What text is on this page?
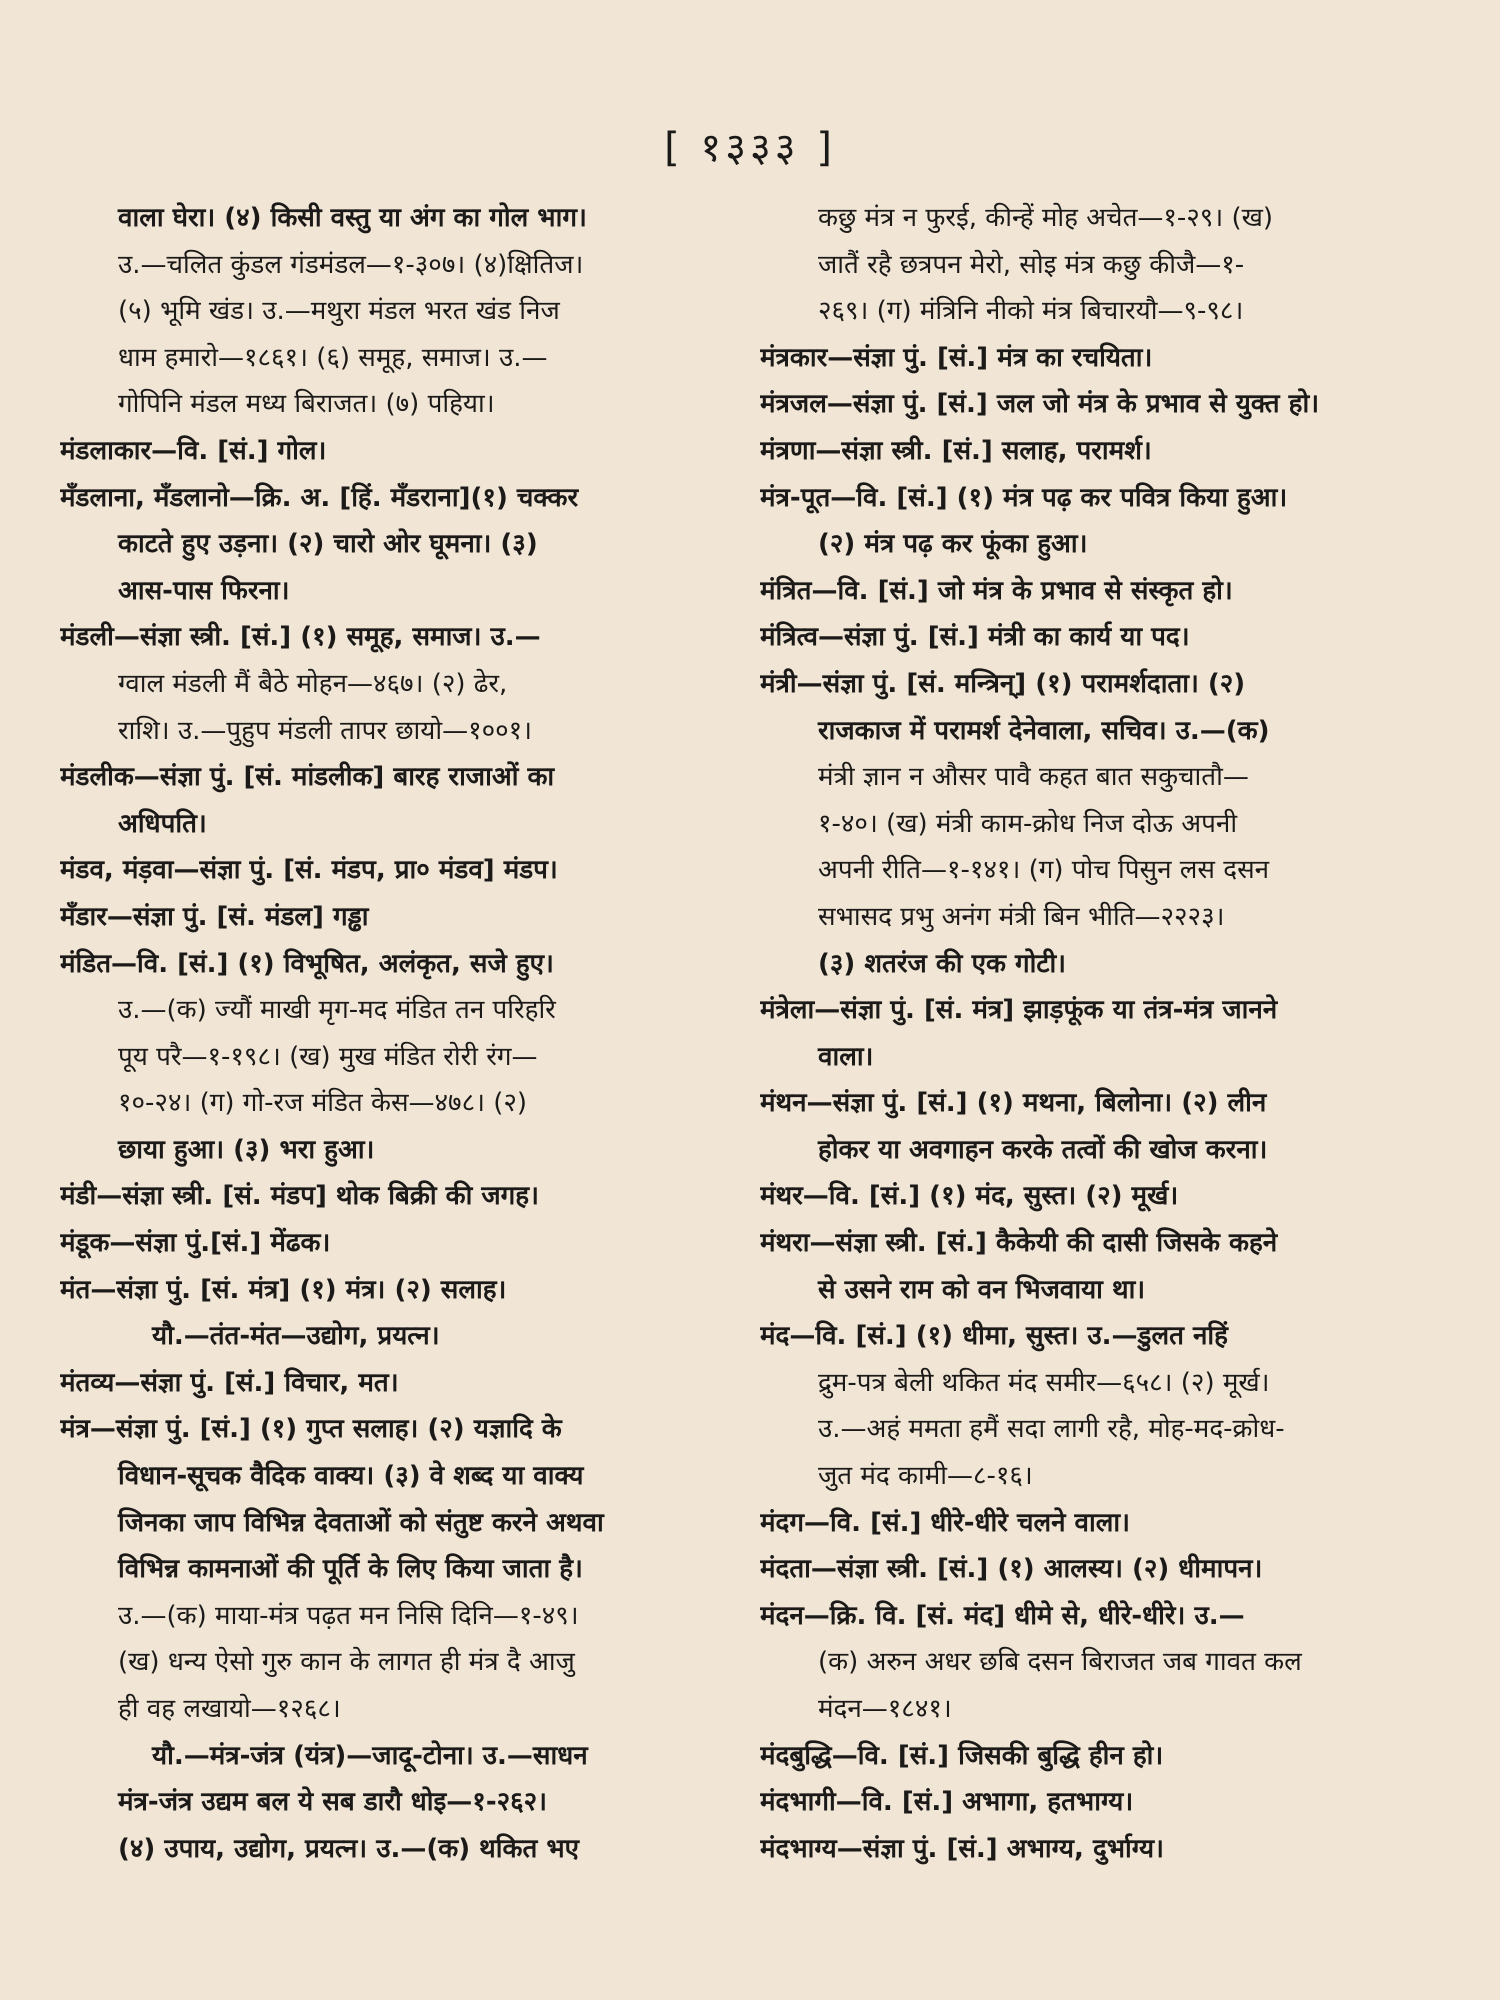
[ १३३३ ]
वाला घेरा। (४) किसी वस्तु या अंग का गोल भाग।
उ.—चलित कुंडल गंडमंडल—१-३०७। (४)क्षितिज।
(५) भूमि खंड। उ.—मथुरा मंडल भरत खंड निज
धाम हमारो—१८६१। (६) समूह, समाज। उ.—
गोपिनि मंडल मध्य बिराजत। (७) पहिया।
मंडलाकार—वि. [सं.] गोल।
मँडलाना, मँडलानो—क्रि. अ. [हिं. मँडराना](१) चक्कर
काटते हुए उड़ना। (२) चारो ओर घूमना। (३)
आस-पास फिरना।
मंडली—संज्ञा स्त्री. [सं.] (१) समूह, समाज। उ.—
ग्वाल मंडली मैं बैठे मोहन—४६७। (२) ढेर,
राशि। उ.—पुहुप मंडली तापर छायो—१००१।
मंडलीक—संज्ञा पुं. [सं. मांडलीक] बारह राजाओं का
अधिपति।
मंडव, मंड़वा—संज्ञा पुं. [सं. मंडप, प्रा० मंडव] मंडप।
मँडार—संज्ञा पुं. [सं. मंडल] गड्ढा
मंडित—वि. [सं.] (१) विभूषित, अलंकृत, सजे हुए।
उ.—(क) ज्यौं माखी मृग-मद मंडित तन परिहरि
पूय परै—१-१९८। (ख) मुख मंडित रोरी रंग—
१०-२४। (ग) गो-रज मंडित केस—४७८। (२)
छाया हुआ। (३) भरा हुआ।
मंडी—संज्ञा स्त्री. [सं. मंडप] थोक बिक्री की जगह।
मंडूक—संज्ञा पुं.[सं.] मेंढक।
मंत—संज्ञा पुं. [सं. मंत्र] (१) मंत्र। (२) सलाह।
यौ.—तंत-मंत—उद्योग, प्रयत्न।
मंतव्य—संज्ञा पुं. [सं.] विचार, मत।
मंत्र—संज्ञा पुं. [सं.] (१) गुप्त सलाह। (२) यज्ञादि के
विधान-सूचक वैदिक वाक्य। (३) वे शब्द या वाक्य
जिनका जाप विभिन्न देवताओं को संतुष्ट करने अथवा
विभिन्न कामनाओं की पूर्ति के लिए किया जाता है।
उ.—(क) माया-मंत्र पढ़त मन निसि दिनि—१-४९।
(ख) धन्य ऐसो गुरु कान के लागत ही मंत्र दै आजु
ही वह लखायो—१२६८।
यौ.—मंत्र-जंत्र (यंत्र)—जादू-टोना। उ.—साधन
मंत्र-जंत्र उद्यम बल ये सब डारौ धोइ—१-२६२।
(४) उपाय, उद्योग, प्रयत्न। उ.—(क) थकित भए
कछु मंत्र न फुरई, कीन्हें मोह अचेत—१-२९। (ख)
जातैं रहै छत्रपन मेरो, सोइ मंत्र कछु कीजै—१-
२६९। (ग) मंत्रिनि नीको मंत्र बिचारयौ—९-९८।
मंत्रकार—संज्ञा पुं. [सं.] मंत्र का रचयिता।
मंत्रजल—संज्ञा पुं. [सं.] जल जो मंत्र के प्रभाव से युक्त हो।
मंत्रणा—संज्ञा स्त्री. [सं.] सलाह, परामर्श।
मंत्र-पूत—वि. [सं.] (१) मंत्र पढ़ कर पवित्र किया हुआ।
(२) मंत्र पढ़ कर फूंका हुआ।
मंत्रित—वि. [सं.] जो मंत्र के प्रभाव से संस्कृत हो।
मंत्रित्व—संज्ञा पुं. [सं.] मंत्री का कार्य या पद।
मंत्री—संज्ञा पुं. [सं. मन्त्रिन्] (१) परामर्शदाता। (२)
राजकाज में परामर्श देनेवाला, सचिव। उ.—(क)
मंत्री ज्ञान न औसर पावै कहत बात सकुचातौ—
१-४०। (ख) मंत्री काम-क्रोध निज दोऊ अपनी
अपनी रीति—१-१४१। (ग) पोच पिसुन लस दसन
सभासद प्रभु अनंग मंत्री बिन भीति—२२२३।
(३) शतरंज की एक गोटी।
मंत्रेला—संज्ञा पुं. [सं. मंत्र] झाड़फूंक या तंत्र-मंत्र जानने
वाला।
मंथन—संज्ञा पुं. [सं.] (१) मथना, बिलोना। (२) लीन
होकर या अवगाहन करके तत्वों की खोज करना।
मंथर—वि. [सं.] (१) मंद, सुस्त। (२) मूर्ख।
मंथरा—संज्ञा स्त्री. [सं.] कैकेयी की दासी जिसके कहने
से उसने राम को वन भिजवाया था।
मंद—वि. [सं.] (१) धीमा, सुस्त। उ.—डुलत नहिं
द्रुम-पत्र बेली थकित मंद समीर—६५८। (२) मूर्ख।
उ.—अहं ममता हमैं सदा लागी रहै, मोह-मद-क्रोध-
जुत मंद कामी—८-१६।
मंदग—वि. [सं.] धीरे-धीरे चलने वाला।
मंदता—संज्ञा स्त्री. [सं.] (१) आलस्य। (२) धीमापन।
मंदन—क्रि. वि. [सं. मंद] धीमे से, धीरे-धीरे। उ.—
(क) अरुन अधर छबि दसन बिराजत जब गावत कल
मंदन—१८४१।
मंदबुद्धि—वि. [सं.] जिसकी बुद्धि हीन हो।
मंदभागी—वि. [सं.] अभागा, हतभाग्य।
मंदभाग्य—संज्ञा पुं. [सं.] अभाग्य, दुर्भाग्य।
